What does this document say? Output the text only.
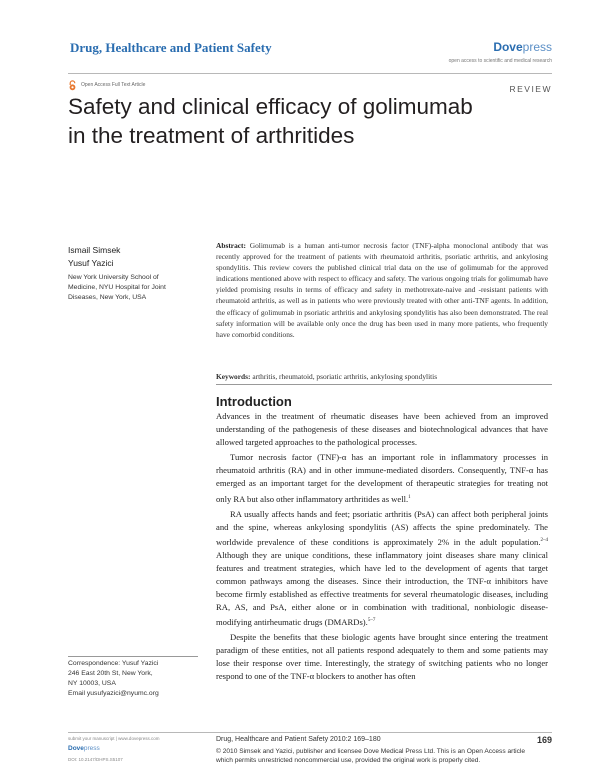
Drug, Healthcare and Patient Safety	Dovepress
open access to scientific and medical research
Open Access Full Text Article	REVIEW
Safety and clinical efficacy of golimumab
in the treatment of arthritides
Ismail Simsek
Yusuf Yazici
New York University School of
Medicine, NYU Hospital for Joint
Diseases, New York, USA
Abstract: Golimumab is a human anti-tumor necrosis factor (TNF)-alpha monoclonal antibody that was recently approved for the treatment of patients with rheumatoid arthritis, psoriatic arthritis, and ankylosing spondylitis. This review covers the published clinical trial data on the use of golimumab for the approved indications mentioned above with respect to efficacy and safety. The various ongoing trials for golimumab have yielded promising results in terms of efficacy and safety in methotrexate-naive and -resistant patients with rheumatoid arthritis, as well as in patients who were previously treated with other anti-TNF agents. In addition, the efficacy of golimumab in psoriatic arthritis and ankylosing spondylitis has also been demonstrated. The real safety information will be available only once the drug has been used in many more patients, who frequently have comorbid conditions.
Keywords: arthritis, rheumatoid, psoriatic arthritis, ankylosing spondylitis
Introduction

Advances in the treatment of rheumatic diseases have been achieved from an improved understanding of the pathogenesis of these diseases and biotechnological advances that have allowed targeted approaches to the pathological processes.

Tumor necrosis factor (TNF)-α has an important role in inflammatory processes in rheumatoid arthritis (RA) and in other immune-mediated disorders. Consequently, TNF-α has emerged as an important target for the development of therapeutic strategies for treating not only RA but also other inflammatory arthritides as well.$^1$

RA usually affects hands and feet; psoriatic arthritis (PsA) can affect both peripheral joints and the spine, whereas ankylosing spondylitis (AS) affects the spine predominately. The worldwide prevalence of these conditions is approximately 2% in the adult population.$^{2-4}$ Although they are unique conditions, these inflammatory joint diseases share many clinical features and treatment strategies, which have led to the development of agents that target common pathways among the diseases. Since their introduction, the TNF-α inhibitors have become firmly established as effective treatments for several rheumatologic diseases, including RA, AS, and PsA, either alone or in combination with traditional, nonbiologic disease-modifying antirheumatic drugs (DMARDs).$^{5-7}$

Despite the benefits that these biologic agents have brought since entering the treatment paradigm of these entities, not all patients respond adequately to them and some patients may lose their response over time. Interestingly, the strategy of switching patients who no longer respond to one of the TNF-α blockers to another has often

Correspondence: Yusuf Yazici
246 East 20th St, New York,
NY 10003, USA
Email yusufyazici@nyumc.org
submit your manuscript | www.dovepress.com
Dovepress
DOI: 10.2147/DHPS.S5107
Drug, Healthcare and Patient Safety 2010:2 169–180	169
© 2010 Simsek and Yazici, publisher and licensee Dove Medical Press Ltd. This is an Open Access article
which permits unrestricted noncommercial use, provided the original work is properly cited.
